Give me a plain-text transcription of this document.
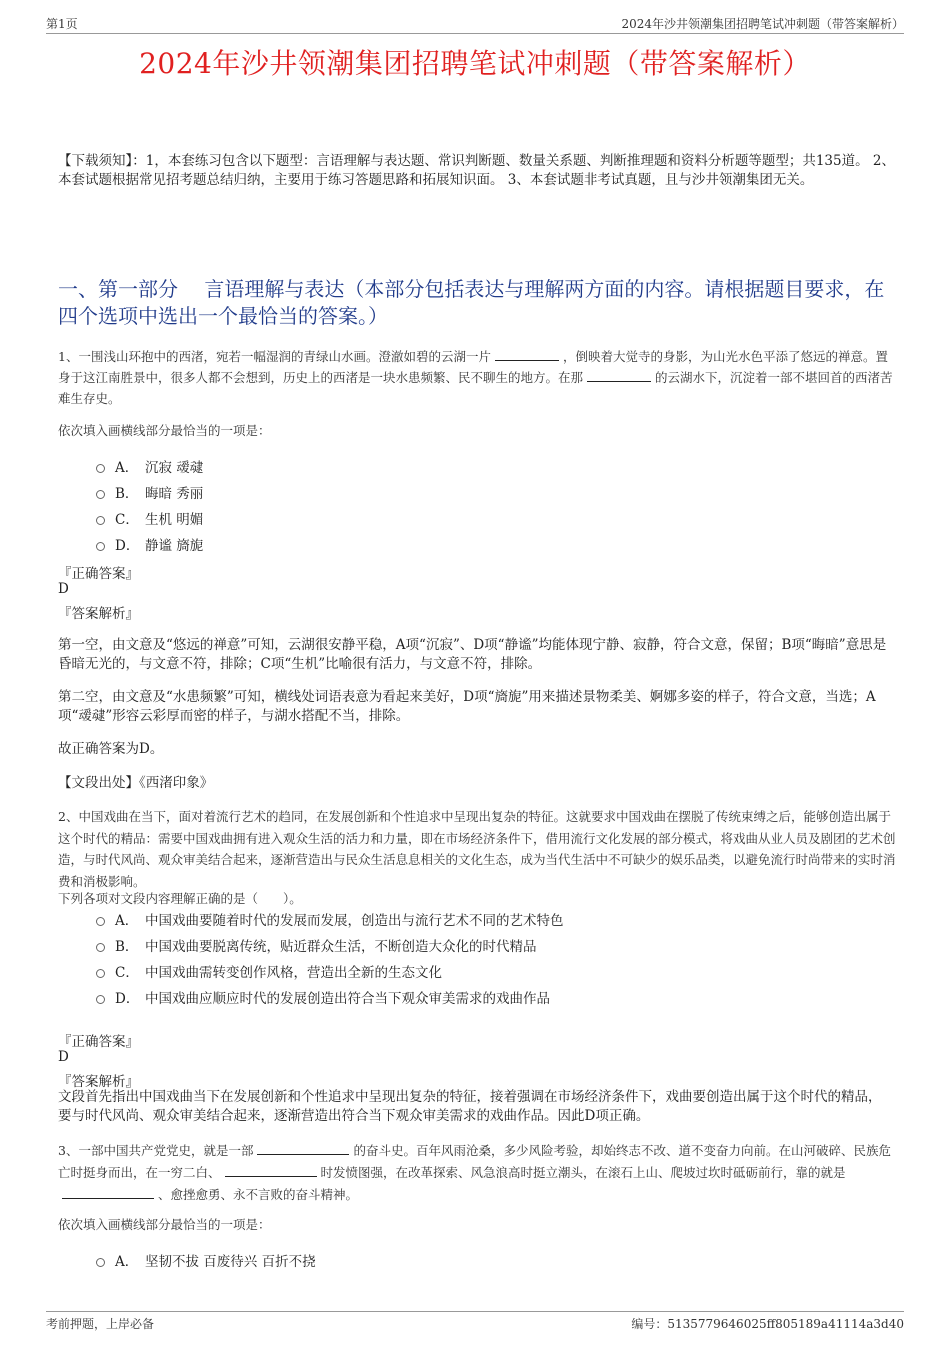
第1页	2024年沙井领潮集团招聘笔试冲刺题（带答案解析）
2024年沙井领潮集团招聘笔试冲刺题（带答案解析）
【下载须知】：1，本套练习包含以下题型：言语理解与表达题、常识判断题、数量关系题、判断推理题和资料分析题等题型；共135道。 2、本套试题根据常见招考题总结归纳，主要用于练习答题思路和拓展知识面。 3、本套试题非考试真题，且与沙井领潮集团无关。
一、第一部分　 言语理解与表达（本部分包括表达与理解两方面的内容。请根据题目要求，在四个选项中选出一个最恰当的答案。）
1、一围浅山环抱中的西渚，宛若一幅湿润的青绿山水画。澄澈如碧的云湖一片	，倒映着大觉寺的身影，为山光水色平添了悠远的禅意。置身于这江南胜景中，很多人都不会想到，历史上的西渚是一块水患频繁、民不聊生的地方。在那	的云湖水下，沉淀着一部不堪回首的西渚苦难生存史。
依次填入画横线部分最恰当的一项是：
A． 沉寂 叆叇
B． 晦暗 秀丽
C． 生机 明媚
D． 静谧 旖旎
『正确答案』
D
『答案解析』
第一空，由文意及“悠远的禅意”可知，云湖很安静平稳，A项“沉寂”、D项“静谧”均能体现宁静、寂静，符合文意，保留；B项“晦暗”意思是昏暗无光的，与文意不符，排除；C项“生机”比喻很有活力，与文意不符，排除。
第二空，由文意及“水患频繁”可知，横线处词语表意为看起来美好，D项“旖旎”用来描述景物柔美、婀娜多姿的样子，符合文意，当选；A项“叆叇”形容云彩厚而密的样子，与湖水搭配不当，排除。
故正确答案为D。
【文段出处】《西渚印象》
2、中国戏曲在当下，面对着流行艺术的趋同，在发展创新和个性追求中呈现出复杂的特征。这就要求中国戏曲在摆脱了传统束缚之后，能够创造出属于这个时代的精品：需要中国戏曲拥有进入观众生活的活力和力量，即在市场经济条件下，借用流行文化发展的部分模式，将戏曲从业人员及剧团的艺术创造，与时代风尚、观众审美结合起来，逐渐营造出与民众生活息息相关的文化生态，成为当代生活中不可缺少的娱乐品类，以避免流行时尚带来的实时消费和消极影响。
下列各项对文段内容理解正确的是（　　）。
A． 中国戏曲要随着时代的发展而发展，创造出与流行艺术不同的艺术特色
B． 中国戏曲要脱离传统，贴近群众生活，不断创造大众化的时代精品
C． 中国戏曲需转变创作风格，营造出全新的生态文化
D． 中国戏曲应顺应时代的发展创造出符合当下观众审美需求的戏曲作品
『正确答案』
D
『答案解析』
文段首先指出中国戏曲当下在发展创新和个性追求中呈现出复杂的特征，接着强调在市场经济条件下，戏曲要创造出属于这个时代的精品，要与时代风尚、观众审美结合起来，逐渐营造出符合当下观众审美需求的戏曲作品。因此D项正确。
3、一部中国共产党党史，就是一部	的奋斗史。百年风雨沧桑，多少风险考验，却始终志不改、道不变奋力向前。在山河破碎、民族危亡时挺身而出，在一穷二白、	时发愤图强，在改革探索、风急浪高时挺立潮头，在滚石上山、爬坡过坎时砥砺前行，靠的就是、愈挫愈勇、永不言败的奋斗精神。
依次填入画横线部分最恰当的一项是：
A． 坚韧不拔 百废待兴 百折不挠
考前押题，上岸必备	编号：5135779646025ff805189a41114a3d40
